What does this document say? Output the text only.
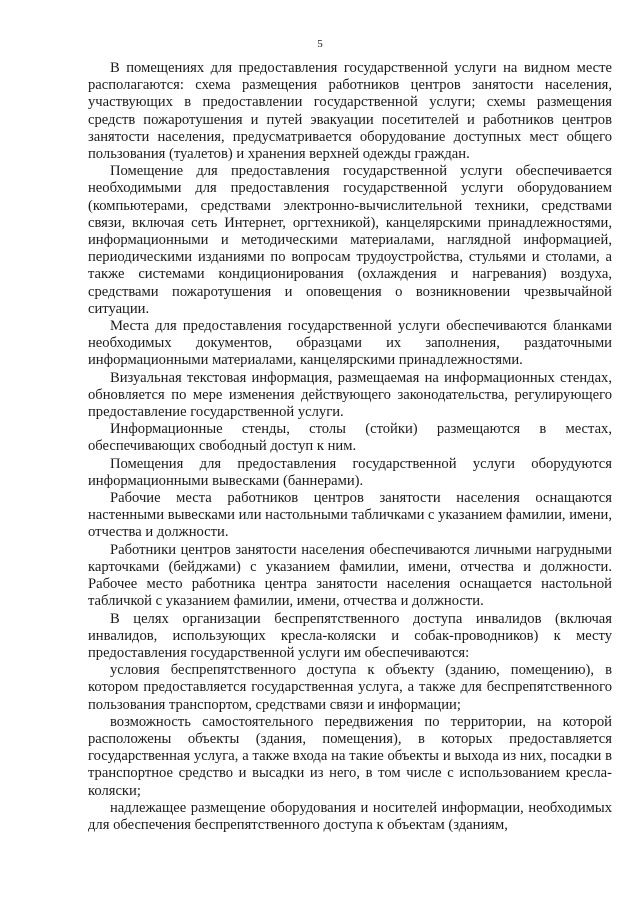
5

В помещениях для предоставления государственной услуги на видном месте располагаются: схема размещения работников центров занятости населения, участвующих в предоставлении государственной услуги; схемы размещения средств пожаротушения и путей эвакуации посетителей и работников центров занятости населения, предусматривается оборудование доступных мест общего пользования (туалетов) и хранения верхней одежды граждан.

Помещение для предоставления государственной услуги обеспечивается необходимыми для предоставления государственной услуги оборудованием (компьютерами, средствами электронно-вычислительной техники, средствами связи, включая сеть Интернет, оргтехникой), канцелярскими принадлежностями, информационными и методическими материалами, наглядной информацией, периодическими изданиями по вопросам трудоустройства, стульями и столами, а также системами кондиционирования (охлаждения и нагревания) воздуха, средствами пожаротушения и оповещения о возникновении чрезвычайной ситуации.

Места для предоставления государственной услуги обеспечиваются бланками необходимых документов, образцами их заполнения, раздаточными информационными материалами, канцелярскими принадлежностями.

Визуальная текстовая информация, размещаемая на информационных стендах, обновляется по мере изменения действующего законодательства, регулирующего предоставление государственной услуги.

Информационные стенды, столы (стойки) размещаются в местах, обеспечивающих свободный доступ к ним.

Помещения для предоставления государственной услуги оборудуются информационными вывесками (баннерами).

Рабочие места работников центров занятости населения оснащаются настенными вывесками или настольными табличками с указанием фамилии, имени, отчества и должности.

Работники центров занятости населения обеспечиваются личными нагрудными карточками (бейджами) с указанием фамилии, имени, отчества и должности. Рабочее место работника центра занятости населения оснащается настольной табличкой с указанием фамилии, имени, отчества и должности.

В целях организации беспрепятственного доступа инвалидов (включая инвалидов, использующих кресла-коляски и собак-проводников) к месту предоставления государственной услуги им обеспечиваются:

условия беспрепятственного доступа к объекту (зданию, помещению), в котором предоставляется государственная услуга, а также для беспрепятственного пользования транспортом, средствами связи и информации;

возможность самостоятельного передвижения по территории, на которой расположены объекты (здания, помещения), в которых предоставляется государственная услуга, а также входа на такие объекты и выхода из них, посадки в транспортное средство и высадки из него, в том числе с использованием кресла-коляски;

надлежащее размещение оборудования и носителей информации, необходимых для обеспечения беспрепятственного доступа к объектам (зданиям,
